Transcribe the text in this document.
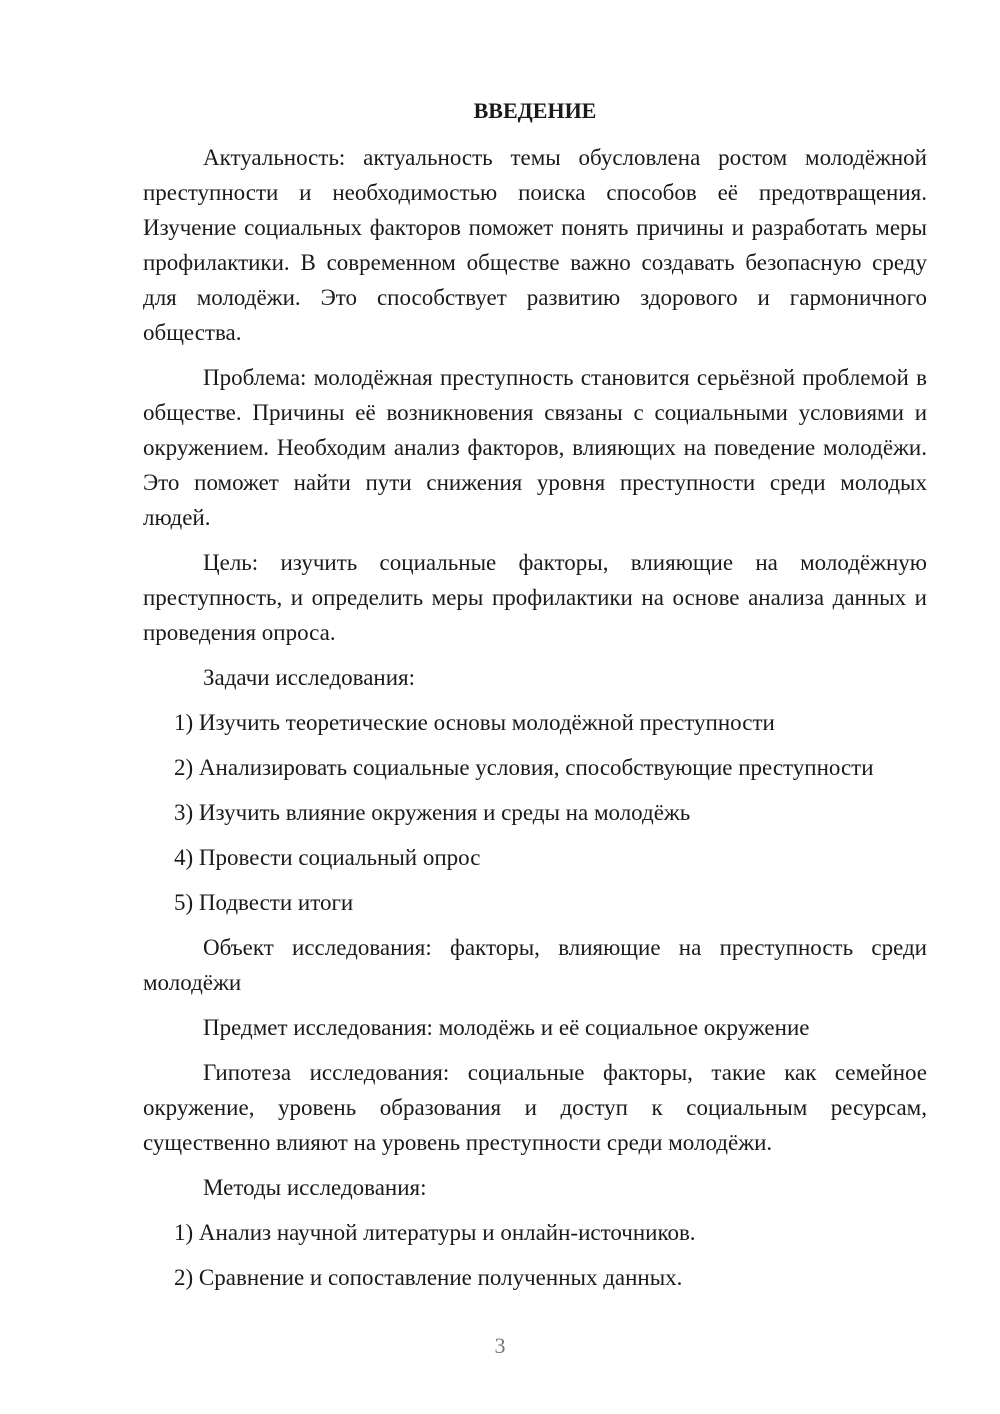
ВВЕДЕНИЕ

Актуальность: актуальность темы обусловлена ростом молодёжной преступности и необходимостью поиска способов её предотвращения. Изучение социальных факторов поможет понять причины и разработать меры профилактики. В современном обществе важно создавать безопасную среду для молодёжи. Это способствует развитию здорового и гармоничного общества.

Проблема: молодёжная преступность становится серьёзной проблемой в обществе. Причины её возникновения связаны с социальными условиями и окружением. Необходим анализ факторов, влияющих на поведение молодёжи. Это поможет найти пути снижения уровня преступности среди молодых людей.

Цель: изучить социальные факторы, влияющие на молодёжную преступность, и определить меры профилактики на основе анализа данных и проведения опроса.

Задачи исследования:

1) Изучить теоретические основы молодёжной преступности
2) Анализировать социальные условия, способствующие преступности
3) Изучить влияние окружения и среды на молодёжь
4) Провести социальный опрос
5) Подвести итоги

Объект исследования: факторы, влияющие на преступность среди молодёжи

Предмет исследования: молодёжь и её социальное окружение

Гипотеза исследования: социальные факторы, такие как семейное окружение, уровень образования и доступ к социальным ресурсам, существенно влияют на уровень преступности среди молодёжи.

Методы исследования:

1) Анализ научной литературы и онлайн-источников.
2) Сравнение и сопоставление полученных данных.
3
